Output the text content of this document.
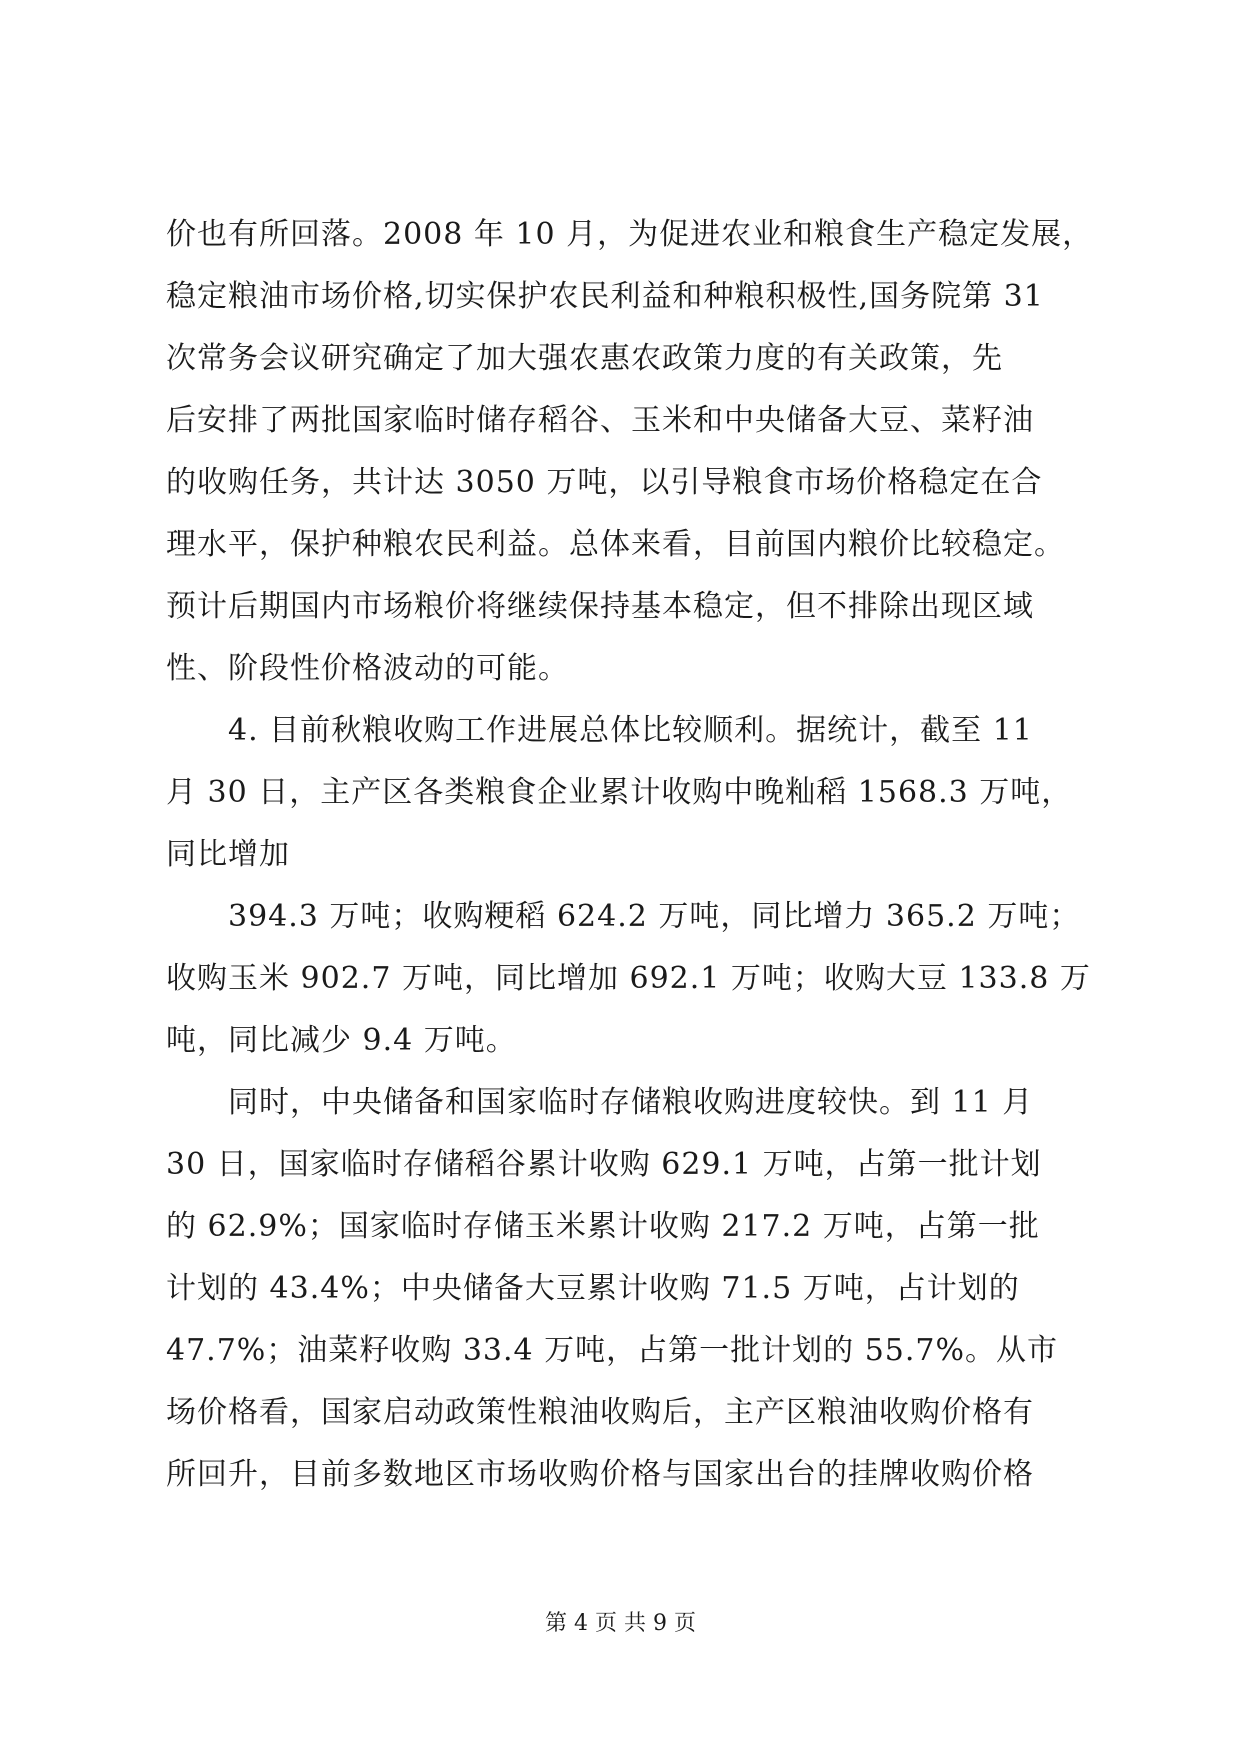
价也有所回落。2008 年 10 月，为促进农业和粮食生产稳定发展，
稳定粮油市场价格,切实保护农民利益和种粮积极性,国务院第 31
次常务会议研究确定了加大强农惠农政策力度的有关政策，先
后安排了两批国家临时储存稻谷、玉米和中央储备大豆、菜籽油
的收购任务，共计达 3050 万吨，以引导粮食市场价格稳定在合
理水平，保护种粮农民利益。总体来看，目前国内粮价比较稳定。
预计后期国内市场粮价将继续保持基本稳定，但不排除出现区域
性、阶段性价格波动的可能。
4. 目前秋粮收购工作进展总体比较顺利。据统计，截至 11
月 30 日，主产区各类粮食企业累计收购中晚籼稻 1568.3 万吨，
同比增加
394.3 万吨；收购粳稻 624.2 万吨，同比增力 365.2 万吨；
收购玉米 902.7 万吨，同比增加 692.1 万吨；收购大豆 133.8 万
吨，同比减少 9.4 万吨。
同时，中央储备和国家临时存储粮收购进度较快。到 11 月
30 日，国家临时存储稻谷累计收购 629.1 万吨，占第一批计划
的 62.9%；国家临时存储玉米累计收购 217.2 万吨，占第一批
计划的 43.4%；中央储备大豆累计收购 71.5 万吨，占计划的
47.7%；油菜籽收购 33.4 万吨，占第一批计划的 55.7%。从市
场价格看，国家启动政策性粮油收购后，主产区粮油收购价格有
所回升，目前多数地区市场收购价格与国家出台的挂牌收购价格
第 4 页 共 9 页
